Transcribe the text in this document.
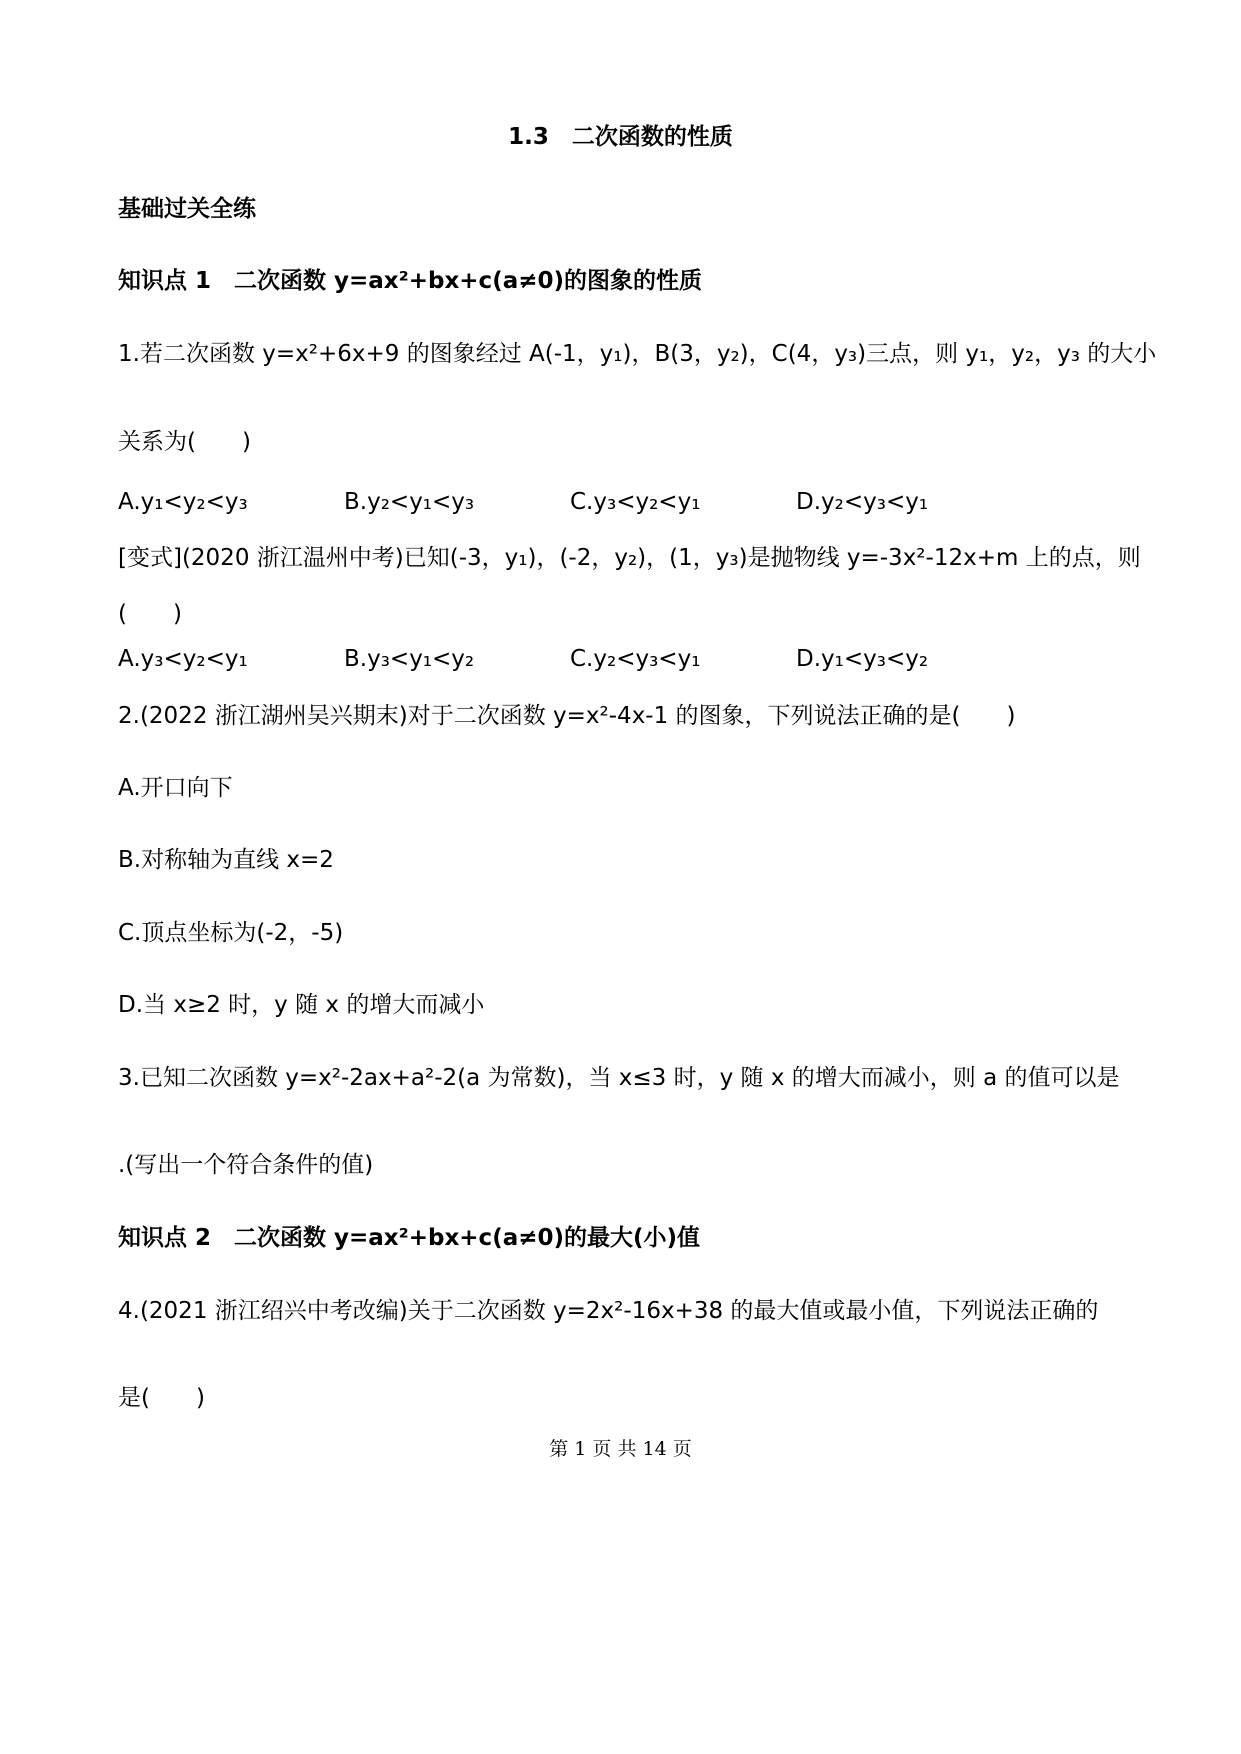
1.3　二次函数的性质
基础过关全练
知识点 1　二次函数 y=ax²+bx+c(a≠0)的图象的性质
1.若二次函数 y=x²+6x+9 的图象经过 A(-1，y₁)，B(3，y₂)，C(4，y₃)三点，则 y₁，y₂，y₃ 的大小
关系为(　　)
A.y₁<y₂<y₃	B.y₂<y₁<y₃	C.y₃<y₂<y₁	D.y₂<y₃<y₁
[变式](2020 浙江温州中考)已知(-3，y₁)，(-2，y₂)，(1，y₃)是抛物线 y=-3x²-12x+m 上的点，则
(　　)
A.y₃<y₂<y₁	B.y₃<y₁<y₂	C.y₂<y₃<y₁	D.y₁<y₃<y₂
2.(2022 浙江湖州吴兴期末)对于二次函数 y=x²-4x-1 的图象，下列说法正确的是(　　)
A.开口向下
B.对称轴为直线 x=2
C.顶点坐标为(-2，-5)
D.当 x≥2 时，y 随 x 的增大而减小
3.已知二次函数 y=x²-2ax+a²-2(a 为常数)，当 x≤3 时，y 随 x 的增大而减小，则 a 的值可以是
.(写出一个符合条件的值)
知识点 2　二次函数 y=ax²+bx+c(a≠0)的最大(小)值
4.(2021 浙江绍兴中考改编)关于二次函数 y=2x²-16x+38 的最大值或最小值，下列说法正确的
是(　　)
第 1 页 共 14 页
